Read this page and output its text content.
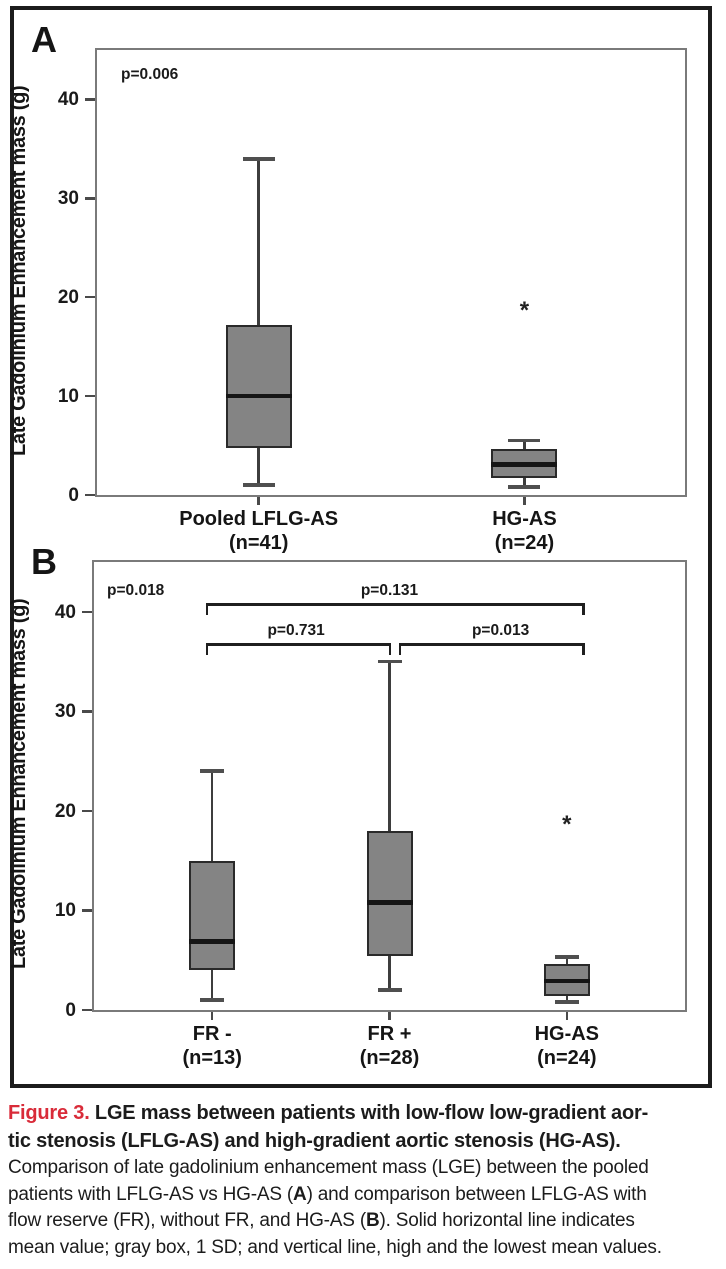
A
Late Gadolinium Enhancement mass (g)
0
10
20
30
40
Pooled LFLG-AS
(n=41)
*
HG-AS
(n=24)
p=0.006
B
Late Gadolinium Enhancement mass (g)
0
10
20
30
40
FR -
(n=13)
FR +
(n=28)
*
HG-AS
(n=24)
p=0.018	p=0.131
p=0.731	p=0.013
Figure 3. LGE mass between patients with low-flow low-gradient aor-
tic stenosis (LFLG-AS) and high-gradient aortic stenosis (HG-AS).
Comparison of late gadolinium enhancement mass (LGE) between the pooled
patients with LFLG-AS vs HG-AS (A) and comparison between LFLG-AS with
flow reserve (FR), without FR, and HG-AS (B). Solid horizontal line indicates
mean value; gray box, 1 SD; and vertical line, high and the lowest mean values.
